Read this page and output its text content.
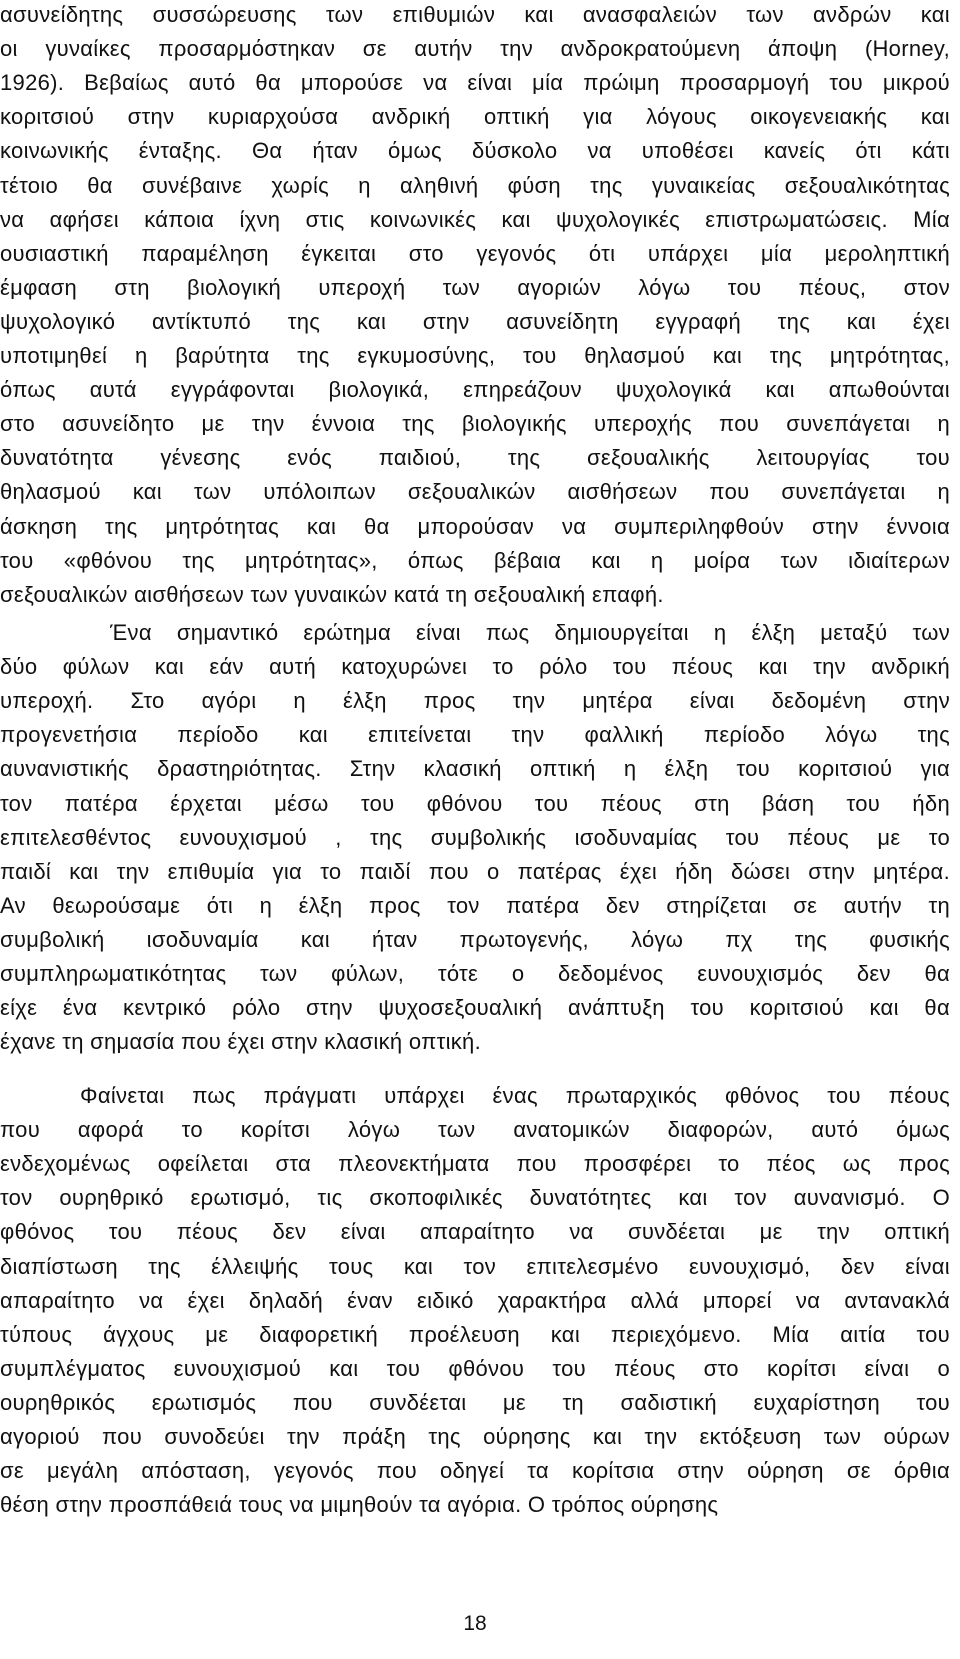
ασυνείδητης συσσώρευσης των επιθυμιών και ανασφαλειών των ανδρών και
οι γυναίκες προσαρμόστηκαν σε αυτήν την ανδροκρατούμενη άποψη (Horney,
1926). Βεβαίως αυτό θα μπορούσε να είναι μία πρώιμη προσαρμογή του μικρού
κοριτσιού στην κυριαρχούσα ανδρική οπτική για λόγους οικογενειακής και
κοινωνικής ένταξης. Θα ήταν όμως δύσκολο να υποθέσει κανείς ότι κάτι
τέτοιο θα συνέβαινε χωρίς η αληθινή φύση της γυναικείας σεξουαλικότητας
να αφήσει κάποια ίχνη στις κοινωνικές και ψυχολογικές επιστρωματώσεις. Μία
ουσιαστική παραμέληση έγκειται στο γεγονός ότι υπάρχει μία μεροληπτική
έμφαση στη βιολογική υπεροχή των αγοριών λόγω του πέους, στον
ψυχολογικό αντίκτυπό της και στην ασυνείδητη εγγραφή της και έχει
υποτιμηθεί η βαρύτητα της εγκυμοσύνης, του θηλασμού και της μητρότητας,
όπως αυτά εγγράφονται βιολογικά, επηρεάζουν ψυχολογικά και απωθούνται
στο ασυνείδητο με την έννοια της βιολογικής υπεροχής που συνεπάγεται η
δυνατότητα γένεσης ενός παιδιού, της σεξουαλικής λειτουργίας του
θηλασμού και των υπόλοιπων σεξουαλικών αισθήσεων που συνεπάγεται η
άσκηση της μητρότητας και θα μπορούσαν να συμπεριληφθούν στην έννοια
του «φθόνου της μητρότητας», όπως βέβαια και η μοίρα των ιδιαίτερων
σεξουαλικών αισθήσεων των γυναικών κατά τη σεξουαλική επαφή.
Ένα σημαντικό ερώτημα είναι πως δημιουργείται η έλξη μεταξύ των
δύο φύλων και εάν αυτή κατοχυρώνει το ρόλο του πέους και την ανδρική
υπεροχή. Στο αγόρι η έλξη προς την μητέρα είναι δεδομένη στην
προγενετήσια περίοδο και επιτείνεται την φαλλική περίοδο λόγω της
αυνανιστικής δραστηριότητας. Στην κλασική οπτική η έλξη του κοριτσιού για
τον πατέρα έρχεται μέσω του φθόνου του πέους στη βάση του ήδη
επιτελεσθέντος ευνουχισμού , της συμβολικής ισοδυναμίας του πέους με το
παιδί και την επιθυμία για το παιδί που ο πατέρας έχει ήδη δώσει στην μητέρα.
Αν θεωρούσαμε ότι η έλξη προς τον πατέρα δεν στηρίζεται σε αυτήν τη
συμβολική ισοδυναμία και ήταν πρωτογενής, λόγω πχ της φυσικής
συμπληρωματικότητας των φύλων, τότε ο δεδομένος ευνουχισμός δεν θα
είχε ένα κεντρικό ρόλο στην ψυχοσεξουαλική ανάπτυξη του κοριτσιού και θα
έχανε τη σημασία που έχει στην κλασική οπτική.
Φαίνεται πως πράγματι υπάρχει ένας πρωταρχικός φθόνος του πέους
που αφορά το κορίτσι λόγω των ανατομικών διαφορών, αυτό όμως
ενδεχομένως οφείλεται στα πλεονεκτήματα που προσφέρει το πέος ως προς
τον ουρηθρικό ερωτισμό, τις σκοποφιλικές δυνατότητες και τον αυνανισμό. Ο
φθόνος του πέους δεν είναι απαραίτητο να συνδέεται με την οπτική
διαπίστωση της έλλειψής τους και τον επιτελεσμένο ευνουχισμό, δεν είναι
απαραίτητο να έχει δηλαδή έναν ειδικό χαρακτήρα αλλά μπορεί να αντανακλά
τύπους άγχους με διαφορετική προέλευση και περιεχόμενο. Μία αιτία του
συμπλέγματος ευνουχισμού και του φθόνου του πέους στο κορίτσι είναι ο
ουρηθρικός ερωτισμός που συνδέεται με τη σαδιστική ευχαρίστηση του
αγοριού που συνοδεύει την πράξη της ούρησης και την εκτόξευση των ούρων
σε μεγάλη απόσταση, γεγονός που οδηγεί τα κορίτσια στην ούρηση σε όρθια
θέση στην προσπάθειά τους να μιμηθούν τα αγόρια. Ο τρόπος ούρησης
18
